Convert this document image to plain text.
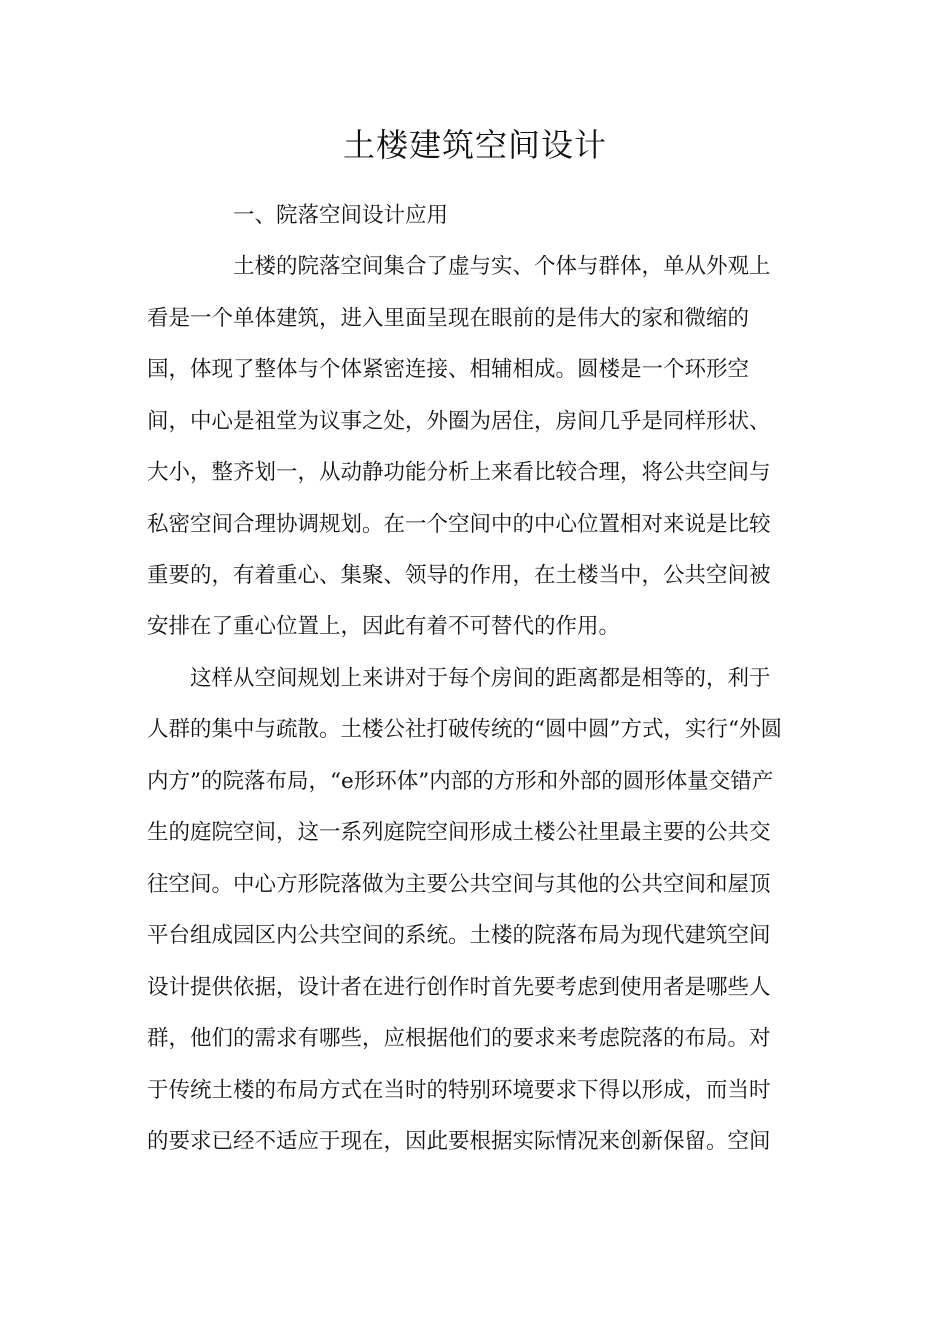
土楼建筑空间设计

一、院落空间设计应用

土楼的院落空间集合了虚与实、个体与群体，单从外观上

看是一个单体建筑，进入里面呈现在眼前的是伟大的家和微缩的

国，体现了整体与个体紧密连接、相辅相成。圆楼是一个环形空

间，中心是祖堂为议事之处，外圈为居住，房间几乎是同样形状、

大小，整齐划一，从动静功能分析上来看比较合理，将公共空间与

私密空间合理协调规划。在一个空间中的中心位置相对来说是比较

重要的，有着重心、集聚、领导的作用，在土楼当中，公共空间被

安排在了重心位置上，因此有着不可替代的作用。

这样从空间规划上来讲对于每个房间的距离都是相等的，利于

人群的集中与疏散。土楼公社打破传统的“圆中圆”方式，实行“外圆

内方”的院落布局，“e形环体”内部的方形和外部的圆形体量交错产

生的庭院空间，这一系列庭院空间形成土楼公社里最主要的公共交

往空间。中心方形院落做为主要公共空间与其他的公共空间和屋顶

平台组成园区内公共空间的系统。土楼的院落布局为现代建筑空间

设计提供依据，设计者在进行创作时首先要考虑到使用者是哪些人

群，他们的需求有哪些，应根据他们的要求来考虑院落的布局。对

于传统土楼的布局方式在当时的特别环境要求下得以形成，而当时

的要求已经不适应于现在，因此要根据实际情况来创新保留。空间
